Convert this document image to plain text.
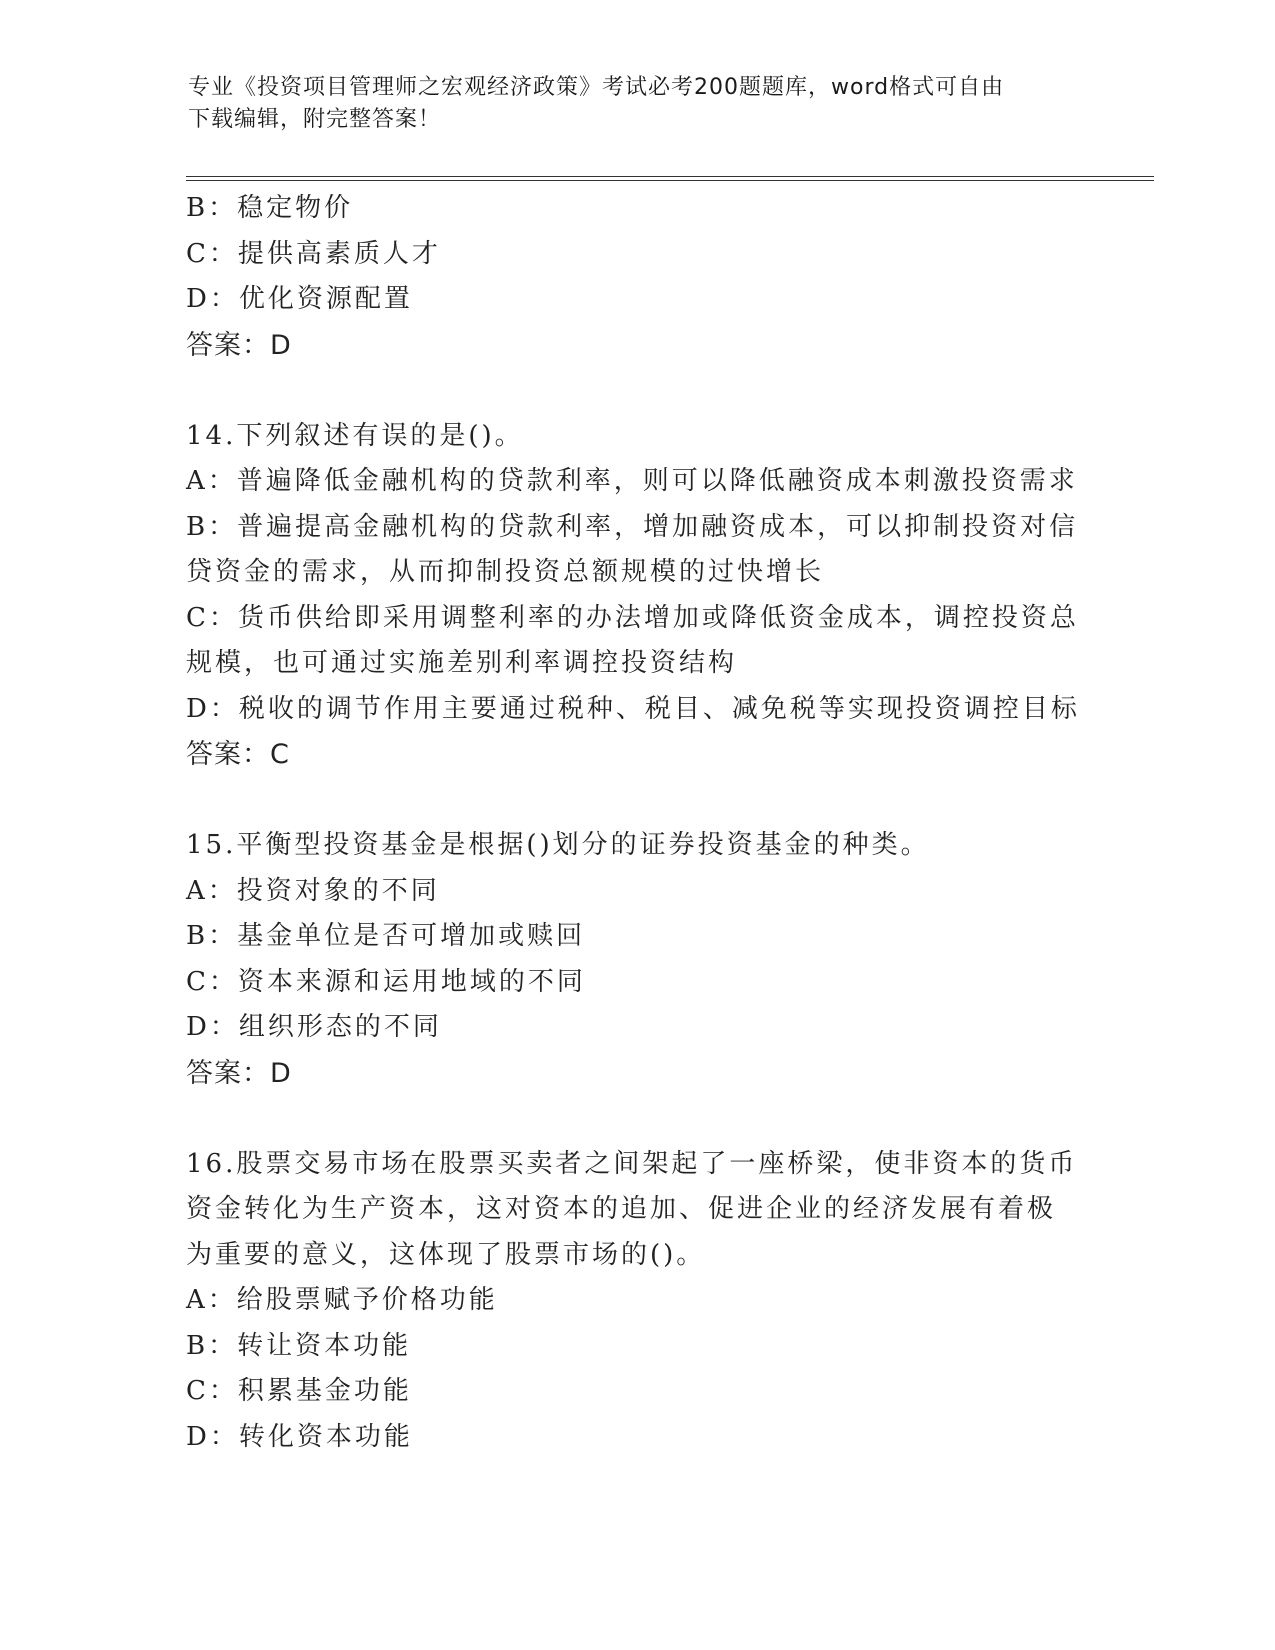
专业《投资项目管理师之宏观经济政策》考试必考200题题库，word格式可自由
下载编辑，附完整答案！
B：稳定物价
C：提供高素质人才
D：优化资源配置
答案：D
14.下列叙述有误的是()。
A：普遍降低金融机构的贷款利率，则可以降低融资成本刺激投资需求
B：普遍提高金融机构的贷款利率，增加融资成本，可以抑制投资对信
贷资金的需求，从而抑制投资总额规模的过快增长
C：货币供给即采用调整利率的办法增加或降低资金成本，调控投资总
规模，也可通过实施差别利率调控投资结构
D：税收的调节作用主要通过税种、税目、减免税等实现投资调控目标
答案：C
15.平衡型投资基金是根据()划分的证券投资基金的种类。
A：投资对象的不同
B：基金单位是否可增加或赎回
C：资本来源和运用地域的不同
D：组织形态的不同
答案：D
16.股票交易市场在股票买卖者之间架起了一座桥梁，使非资本的货币
资金转化为生产资本，这对资本的追加、促进企业的经济发展有着极
为重要的意义，这体现了股票市场的()。
A：给股票赋予价格功能
B：转让资本功能
C：积累基金功能
D：转化资本功能
